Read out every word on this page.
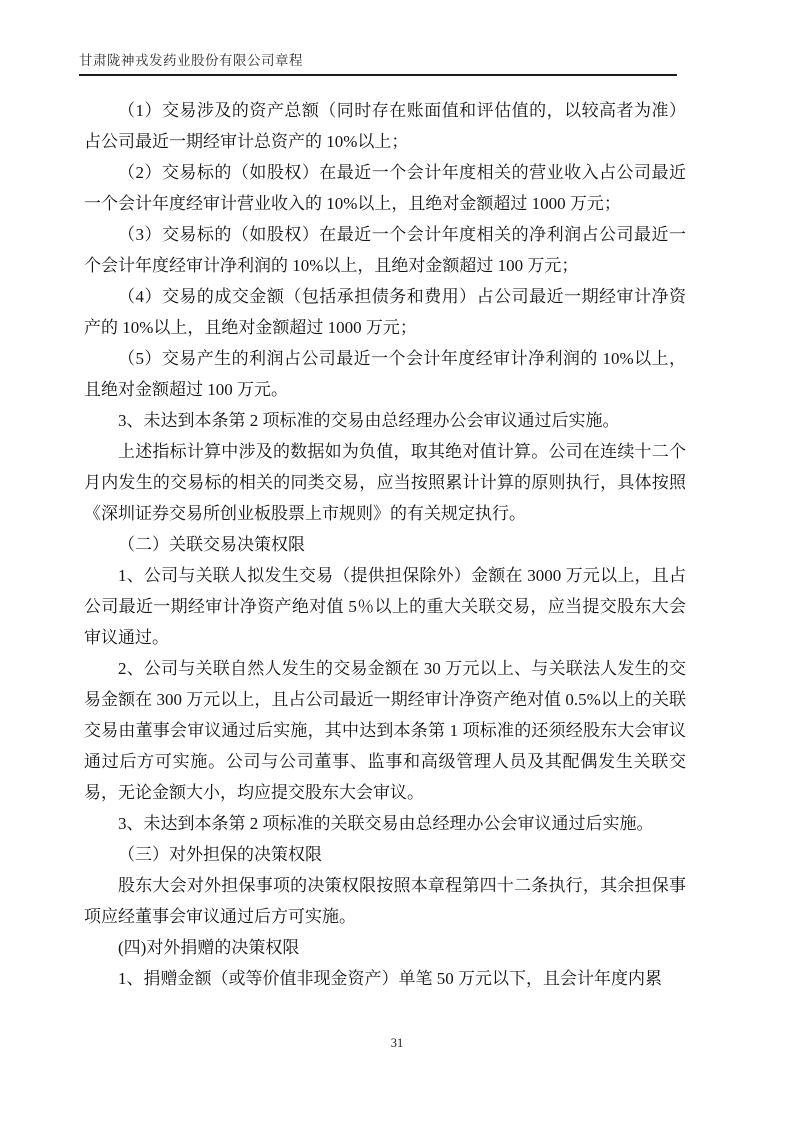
甘肃陇神戎发药业股份有限公司章程

（1）交易涉及的资产总额（同时存在账面值和评估值的，以较高者为准）占公司最近一期经审计总资产的 10%以上；

（2）交易标的（如股权）在最近一个会计年度相关的营业收入占公司最近一个会计年度经审计营业收入的 10%以上，且绝对金额超过 1000 万元；

（3）交易标的（如股权）在最近一个会计年度相关的净利润占公司最近一个会计年度经审计净利润的 10%以上，且绝对金额超过 100 万元；

（4）交易的成交金额（包括承担债务和费用）占公司最近一期经审计净资产的 10%以上，且绝对金额超过 1000 万元；

（5）交易产生的利润占公司最近一个会计年度经审计净利润的 10%以上，且绝对金额超过 100 万元。

3、未达到本条第 2 项标准的交易由总经理办公会审议通过后实施。

上述指标计算中涉及的数据如为负值，取其绝对值计算。公司在连续十二个月内发生的交易标的相关的同类交易，应当按照累计计算的原则执行，具体按照《深圳证券交易所创业板股票上市规则》的有关规定执行。

（二）关联交易决策权限

1、公司与关联人拟发生交易（提供担保除外）金额在 3000 万元以上，且占公司最近一期经审计净资产绝对值 5％以上的重大关联交易，应当提交股东大会审议通过。

2、公司与关联自然人发生的交易金额在 30 万元以上、与关联法人发生的交易金额在 300 万元以上，且占公司最近一期经审计净资产绝对值 0.5%以上的关联交易由董事会审议通过后实施，其中达到本条第 1 项标准的还须经股东大会审议通过后方可实施。公司与公司董事、监事和高级管理人员及其配偶发生关联交易，无论金额大小，均应提交股东大会审议。

3、未达到本条第 2 项标准的关联交易由总经理办公会审议通过后实施。

（三）对外担保的决策权限

股东大会对外担保事项的决策权限按照本章程第四十二条执行，其余担保事项应经董事会审议通过后方可实施。

(四)对外捐赠的决策权限

1、捐赠金额（或等价值非现金资产）单笔 50 万元以下，且会计年度内累

31
